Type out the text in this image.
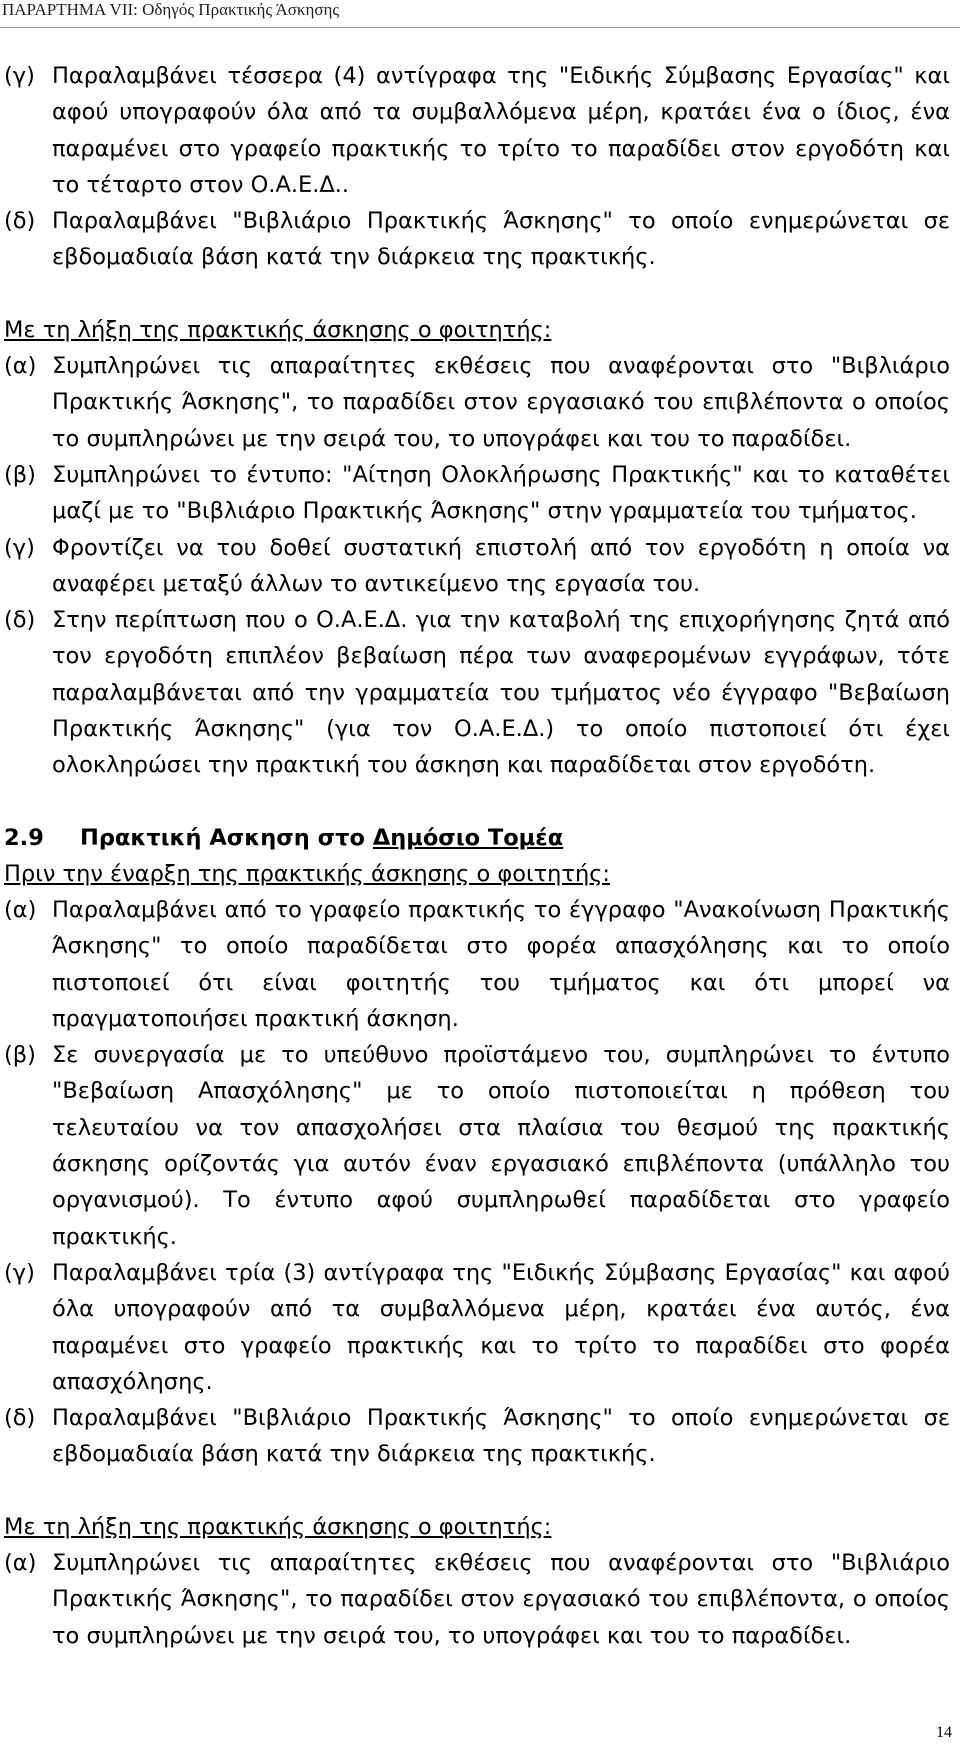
ΠΑΡΑΡΤΗΜΑ VII: Οδηγός Πρακτικής Άσκησης
(γ) Παραλαμβάνει τέσσερα (4) αντίγραφα της "Ειδικής Σύμβασης Εργασίας" και αφού υπογραφούν όλα από τα συμβαλλόμενα μέρη, κρατάει ένα ο ίδιος, ένα παραμένει στο γραφείο πρακτικής το τρίτο το παραδίδει στον εργοδότη και το τέταρτο στον Ο.Α.Ε.Δ..
(δ) Παραλαμβάνει "Βιβλιάριο Πρακτικής Άσκησης" το οποίο ενημερώνεται σε εβδομαδιαία βάση κατά την διάρκεια της πρακτικής.
Με τη λήξη της πρακτικής άσκησης ο φοιτητής:
(α) Συμπληρώνει τις απαραίτητες εκθέσεις που αναφέρονται στο "Βιβλιάριο Πρακτικής Άσκησης", το παραδίδει στον εργασιακό του επιβλέποντα ο οποίος το συμπληρώνει με την σειρά του, το υπογράφει και του το παραδίδει.
(β) Συμπληρώνει το έντυπο: "Αίτηση Ολοκλήρωσης Πρακτικής" και το καταθέτει μαζί με το "Βιβλιάριο Πρακτικής Άσκησης" στην γραμματεία του τμήματος.
(γ) Φροντίζει να του δοθεί συστατική επιστολή από τον εργοδότη η οποία να αναφέρει μεταξύ άλλων το αντικείμενο της εργασία του.
(δ) Στην περίπτωση που ο Ο.Α.Ε.Δ. για την καταβολή της επιχορήγησης ζητά από τον εργοδότη επιπλέον βεβαίωση πέρα των αναφερομένων εγγράφων, τότε παραλαμβάνεται από την γραμματεία του τμήματος νέο έγγραφο "Βεβαίωση Πρακτικής Άσκησης" (για τον Ο.Α.Ε.Δ.) το οποίο πιστοποιεί ότι έχει ολοκληρώσει την πρακτική του άσκηση και παραδίδεται στον εργοδότη.
2.9	Πρακτική Ασκηση στο Δημόσιο Τομέα
Πριν την έναρξη της πρακτικής άσκησης ο φοιτητής:
(α) Παραλαμβάνει από το γραφείο πρακτικής το έγγραφο "Ανακοίνωση Πρακτικής Άσκησης" το οποίο παραδίδεται στο φορέα απασχόλησης και το οποίο πιστοποιεί ότι είναι φοιτητής του τμήματος και ότι μπορεί να πραγματοποιήσει πρακτική άσκηση.
(β) Σε συνεργασία με το υπεύθυνο προϊστάμενο του, συμπληρώνει το έντυπο "Βεβαίωση Απασχόλησης" με το οποίο πιστοποιείται η πρόθεση του τελευταίου να τον απασχολήσει στα πλαίσια του θεσμού της πρακτικής άσκησης ορίζοντάς για αυτόν έναν εργασιακό επιβλέποντα (υπάλληλο του οργανισμού). Το έντυπο αφού συμπληρωθεί παραδίδεται στο γραφείο πρακτικής.
(γ) Παραλαμβάνει τρία (3) αντίγραφα της "Ειδικής Σύμβασης Εργασίας" και αφού όλα υπογραφούν από τα συμβαλλόμενα μέρη, κρατάει ένα αυτός, ένα παραμένει στο γραφείο πρακτικής και το τρίτο το παραδίδει στο φορέα απασχόλησης.
(δ) Παραλαμβάνει "Βιβλιάριο Πρακτικής Άσκησης" το οποίο ενημερώνεται σε εβδομαδιαία βάση κατά την διάρκεια της πρακτικής.
Με τη λήξη της πρακτικής άσκησης ο φοιτητής:
(α) Συμπληρώνει τις απαραίτητες εκθέσεις που αναφέρονται στο "Βιβλιάριο Πρακτικής Άσκησης", το παραδίδει στον εργασιακό του επιβλέποντα, ο οποίος το συμπληρώνει με την σειρά του, το υπογράφει και του το παραδίδει.
14
